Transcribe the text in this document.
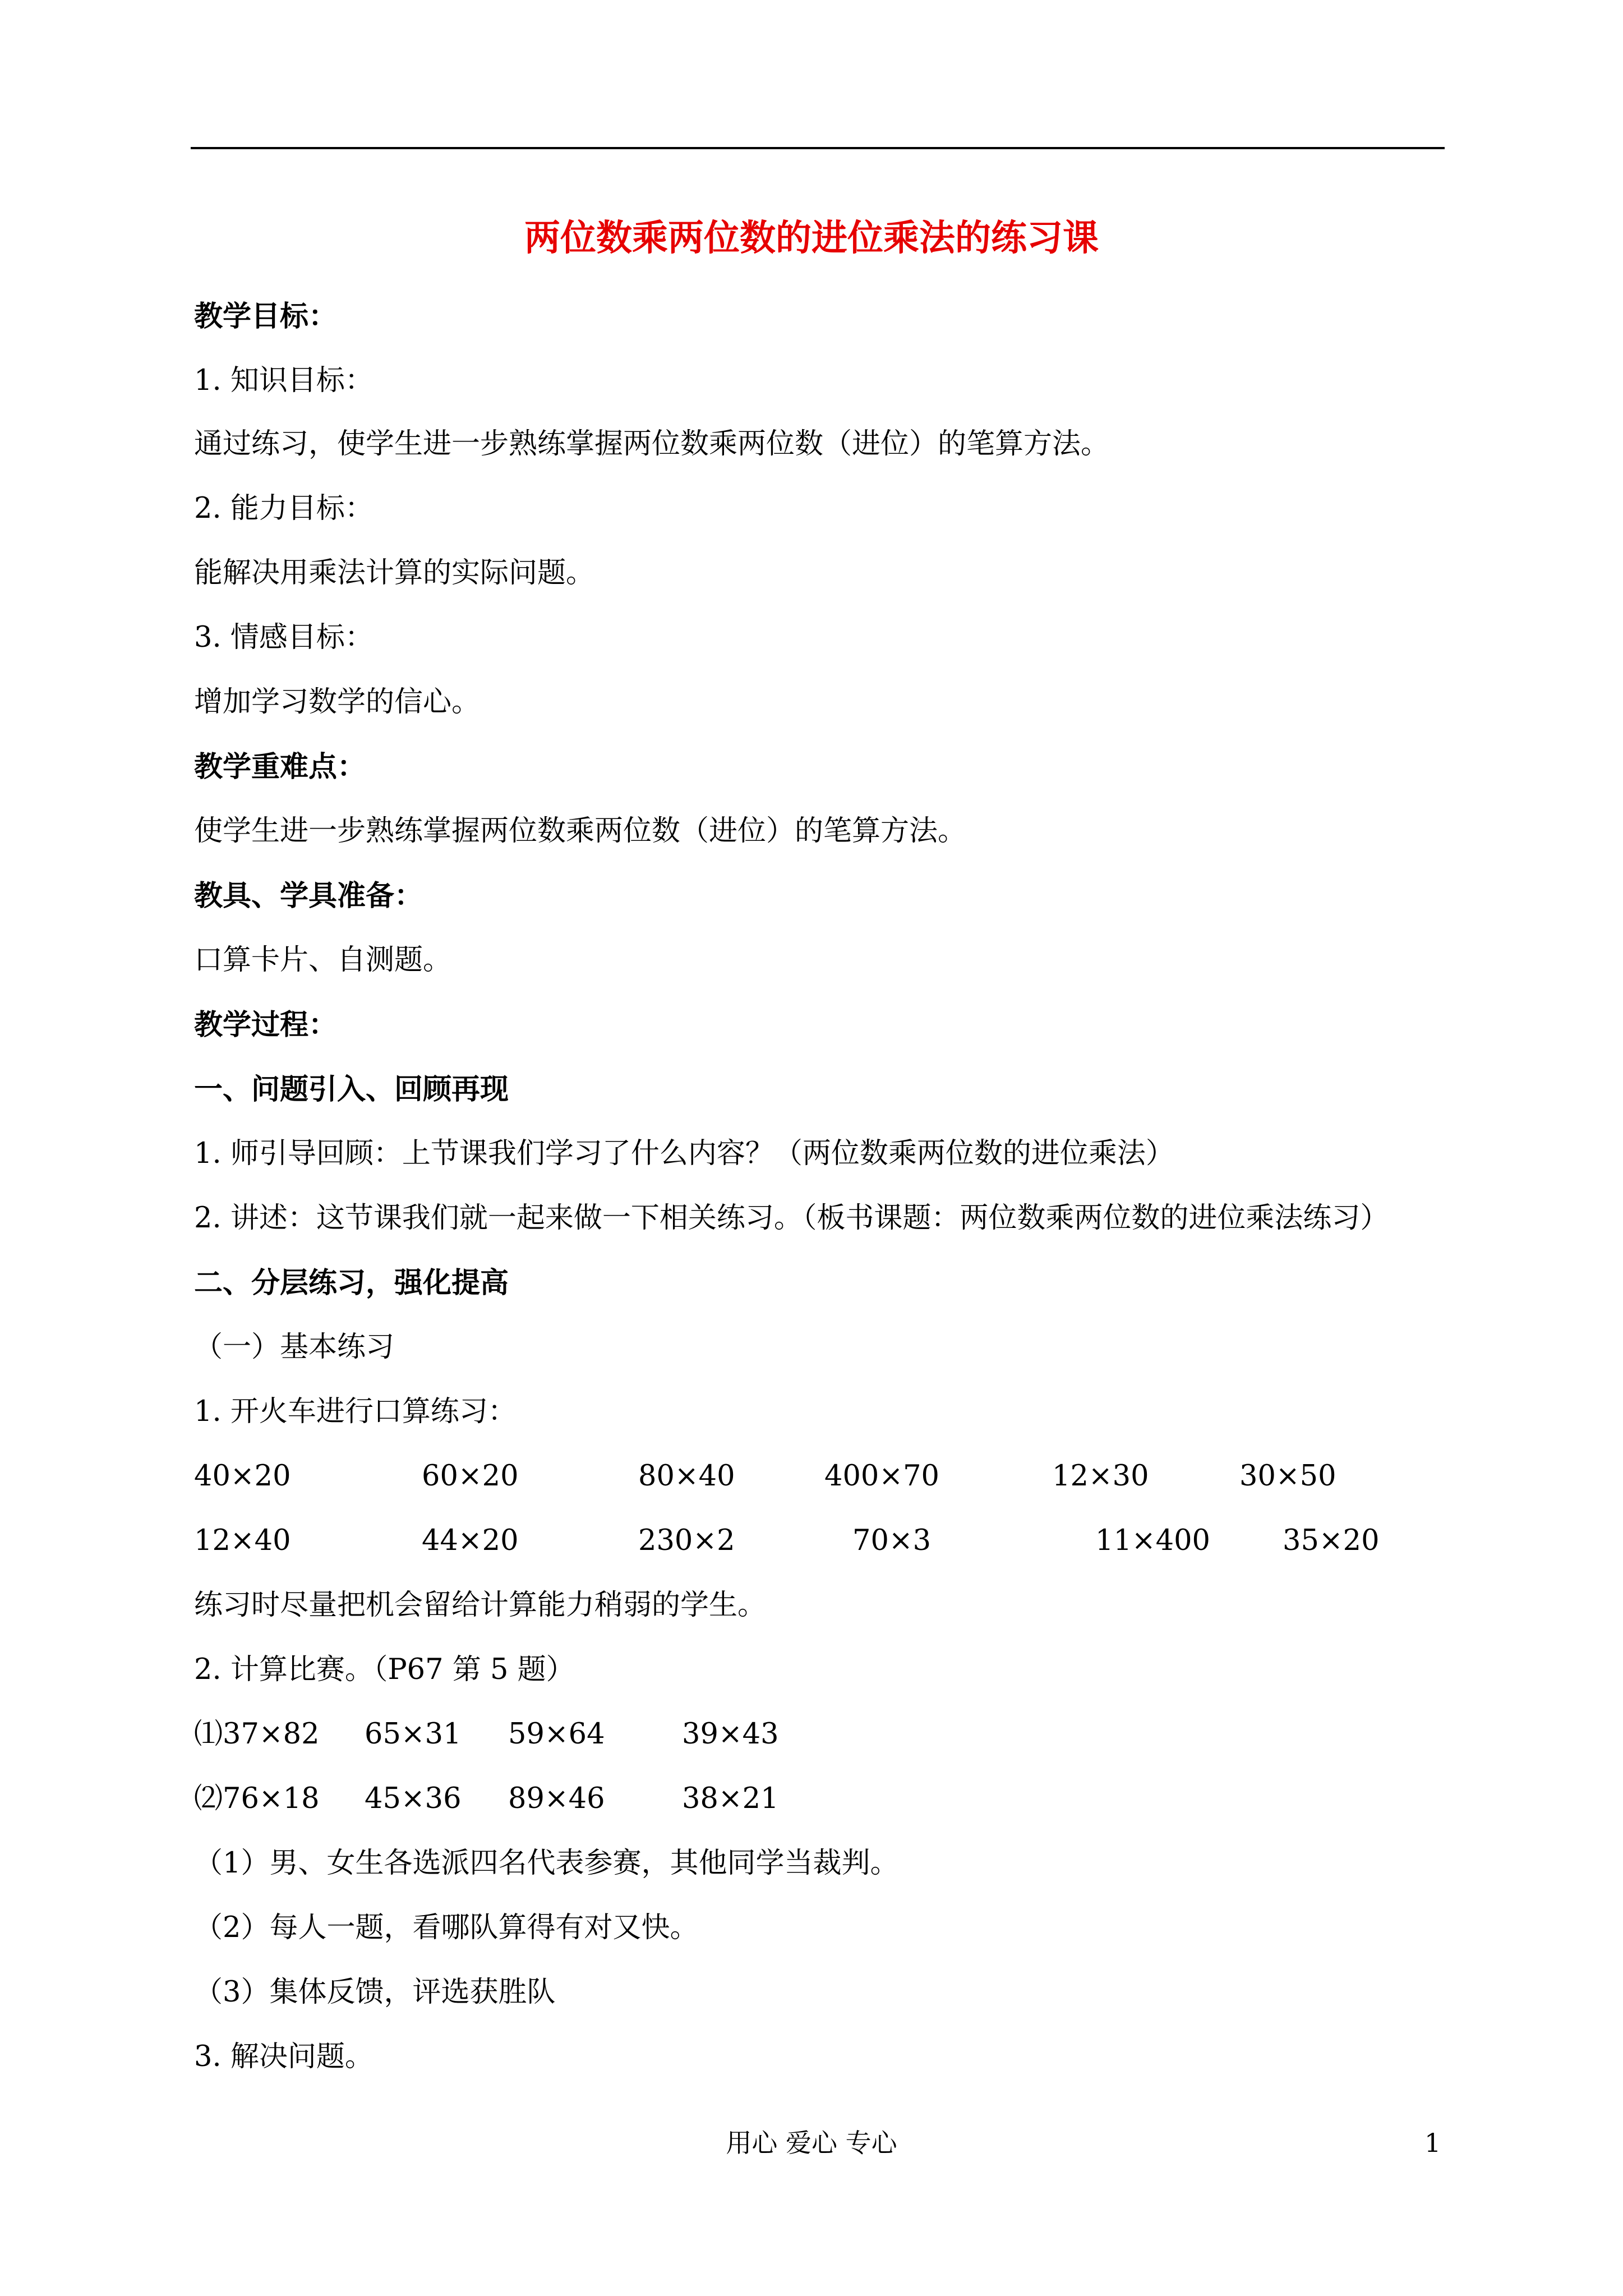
两位数乘两位数的进位乘法的练习课
教学目标：
1. 知识目标：
通过练习，使学生进一步熟练掌握两位数乘两位数（进位）的笔算方法。
2. 能力目标：
能解决用乘法计算的实际问题。
3. 情感目标：
增加学习数学的信心。
教学重难点：
使学生进一步熟练掌握两位数乘两位数（进位）的笔算方法。
教具、学具准备：
口算卡片、自测题。
教学过程：
一、问题引入、回顾再现
1. 师引导回顾：上节课我们学习了什么内容？（两位数乘两位数的进位乘法）
2. 讲述：这节课我们就一起来做一下相关练习。（板书课题：两位数乘两位数的进位乘法练习）
二、分层练习，强化提高
（一）基本练习
1. 开火车进行口算练习：
40×20	60×20	80×40	400×70	12×30	30×50
12×40	44×20	230×2	70×3	11×400	35×20
练习时尽量把机会留给计算能力稍弱的学生。
2. 计算比赛。（P67 第 5 题）
⑴37×82 65×31 59×64	39×43
⑵76×18 45×36 89×46	38×21
（1）男、女生各选派四名代表参赛，其他同学当裁判。
（2）每人一题，看哪队算得有对又快。
（3）集体反馈，评选获胜队
3. 解决问题。
用心 爱心 专心	1
